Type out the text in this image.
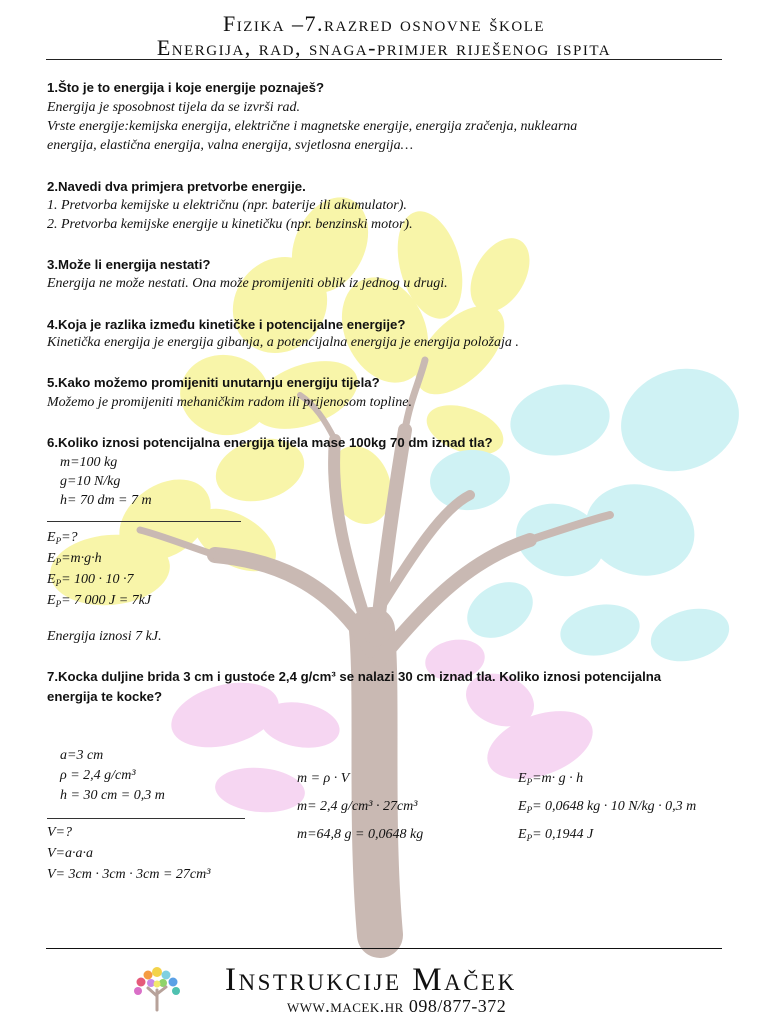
Fizika –7.razred osnovne škole
Energija, rad, snaga-primjer riješenog ispita
1.Što je to energija i koje energije poznaješ?
Energija je sposobnost tijela da se izvrši rad.
Vrste energije:kemijska energija, električne i magnetske energije, energija zračenja, nuklearna
energija, elastična energija, valna energija, svjetlosna energija…
2.Navedi dva primjera pretvorbe energije.
1. Pretvorba kemijske u električnu (npr. baterije ili akumulator).
2. Pretvorba kemijske energije u kinetičku (npr. benzinski motor).
3.Može li energija nestati?
Energija ne može nestati. Ona može promijeniti oblik iz jednog u drugi.
4.Koja je razlika između kinetičke i potencijalne energije?
Kinetička energija je energija gibanja, a potencijalna energija je energija položaja .
5.Kako možemo promijeniti unutarnju energiju tijela?
Možemo je promijeniti mehaničkim radom ili prijenosom topline.
6.Koliko iznosi potencijalna energija tijela mase 100kg 70 dm iznad tla?
m=100 kg
g=10 N/kg
h= 70 dm = 7 m
$E_P=$?
$E_P=m\cdot g\cdot h$
$E_P= 100 \cdot 10 \cdot 7$
$E_P= 7$ 000 J = 7kJ
Energija iznosi 7 kJ.
7.Kocka duljine brida 3 cm i gustoće 2,4 g/cm³ se nalazi 30 cm iznad tla. Koliko iznosi potencijalna
energija te kocke?
a=3 cm
ρ = 2,4 g/cm³
h = 30 cm = 0,3 m
V=?
V=a·a·a
V= 3cm · 3cm · 3cm = 27cm³
m = ρ · V
m= 2,4 g/cm³ · 27cm³
m=64,8 g = 0,0648 kg
$E_P=m\cdot g \cdot h$
$E_P= 0,0648$ kg · 10 N/kg · 0,3 m
$E_P= 0,1944$ J
Instrukcije Maček
www.macek.hr 098/877-372
